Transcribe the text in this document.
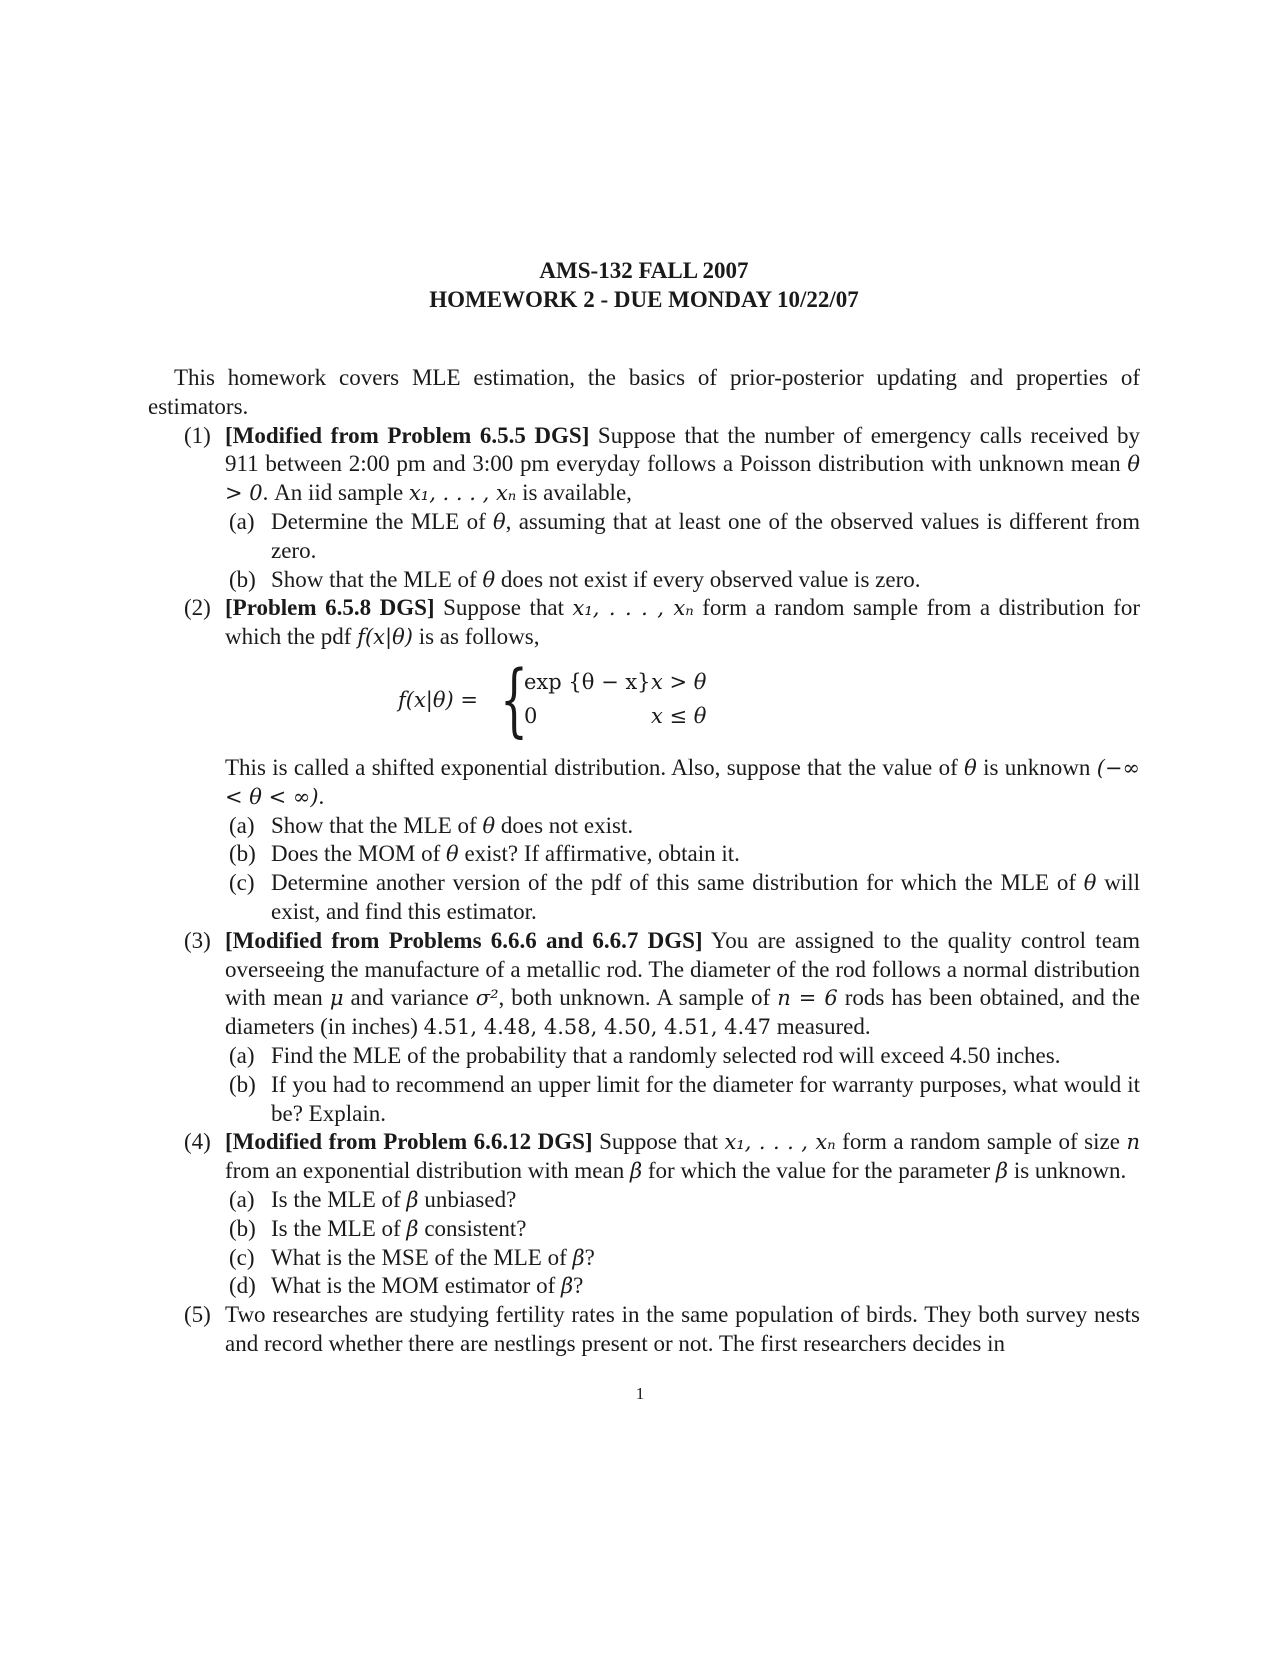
AMS-132 FALL 2007
HOMEWORK 2 - DUE MONDAY 10/22/07
This homework covers MLE estimation, the basics of prior-posterior updating and properties of estimators.
(1) [Modified from Problem 6.5.5 DGS] Suppose that the number of emergency calls received by 911 between 2:00 pm and 3:00 pm everyday follows a Poisson distribution with unknown mean θ > 0. An iid sample x₁, . . . , xₙ is available,
(a) Determine the MLE of θ, assuming that at least one of the observed values is different from zero.
(b) Show that the MLE of θ does not exist if every observed value is zero.
(2) [Problem 6.5.8 DGS] Suppose that x₁, . . . , xₙ form a random sample from a distribution for which the pdf f(x|θ) is as follows,
f(x|θ) = {
exp {θ − x} x > θ
0	x ≤ θ
This is called a shifted exponential distribution. Also, suppose that the value of θ is unknown (−∞ < θ < ∞).
(a) Show that the MLE of θ does not exist.
(b) Does the MOM of θ exist? If affirmative, obtain it.
(c) Determine another version of the pdf of this same distribution for which the MLE of θ will exist, and find this estimator.
(3) [Modified from Problems 6.6.6 and 6.6.7 DGS] You are assigned to the quality control team overseeing the manufacture of a metallic rod. The diameter of the rod follows a normal distribution with mean μ and variance σ², both unknown. A sample of n = 6 rods has been obtained, and the diameters (in inches) 4.51, 4.48, 4.58, 4.50, 4.51, 4.47 measured.
(a) Find the MLE of the probability that a randomly selected rod will exceed 4.50 inches.
(b) If you had to recommend an upper limit for the diameter for warranty purposes, what would it be? Explain.
(4) [Modified from Problem 6.6.12 DGS] Suppose that x₁, . . . , xₙ form a random sample of size n from an exponential distribution with mean β for which the value for the parameter β is unknown.
(a) Is the MLE of β unbiased?
(b) Is the MLE of β consistent?
(c) What is the MSE of the MLE of β?
(d) What is the MOM estimator of β?
(5) Two researches are studying fertility rates in the same population of birds. They both survey nests and record whether there are nestlings present or not. The first researchers decides in
1
